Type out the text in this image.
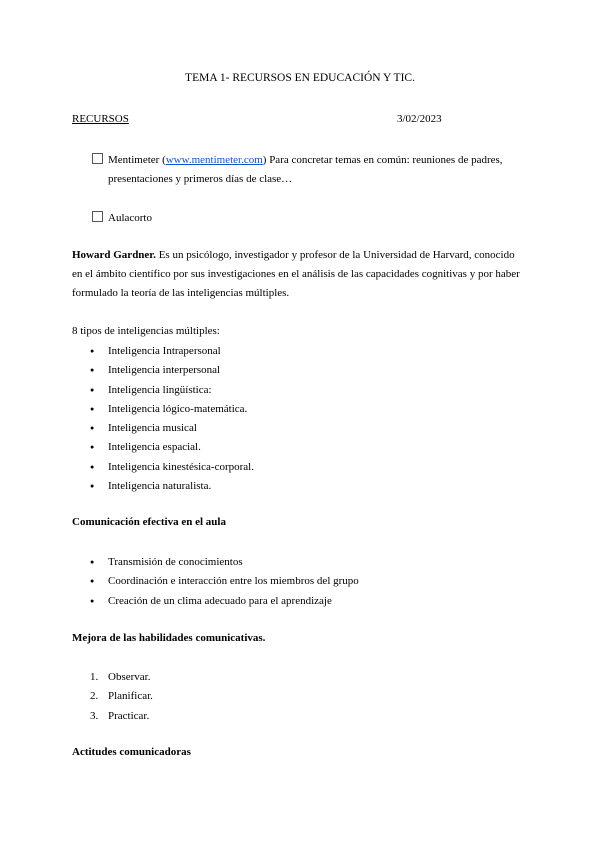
TEMA 1- RECURSOS EN EDUCACIÓN Y TIC.
RECURSOS	3/02/2023
Mentimeter (www.mentimeter.com) Para concretar temas en común: reuniones de padres,
presentaciones y primeros días de clase…
Aulacorto
Howard Gardner. Es un psicólogo, investigador y profesor de la Universidad de Harvard, conocido
en el ámbito científico por sus investigaciones en el análisis de las capacidades cognitivas y por haber
formulado la teoría de las inteligencias múltiples.
8 tipos de inteligencias múltiples:
● Inteligencia Intrapersonal
● Inteligencia interpersonal
● Inteligencia lingüística:
● Inteligencia lógico-matemática.
● Inteligencia musical
● Inteligencia espacial.
● Inteligencia kinestésica-corporal.
● Inteligencia naturalista.
Comunicación efectiva en el aula
● Transmisión de conocimientos
● Coordinación e interacción entre los miembros del grupo
● Creación de un clima adecuado para el aprendizaje
Mejora de las habilidades comunicativas.
1. Observar.
2. Planificar.
3. Practicar.
Actitudes comunicadoras
